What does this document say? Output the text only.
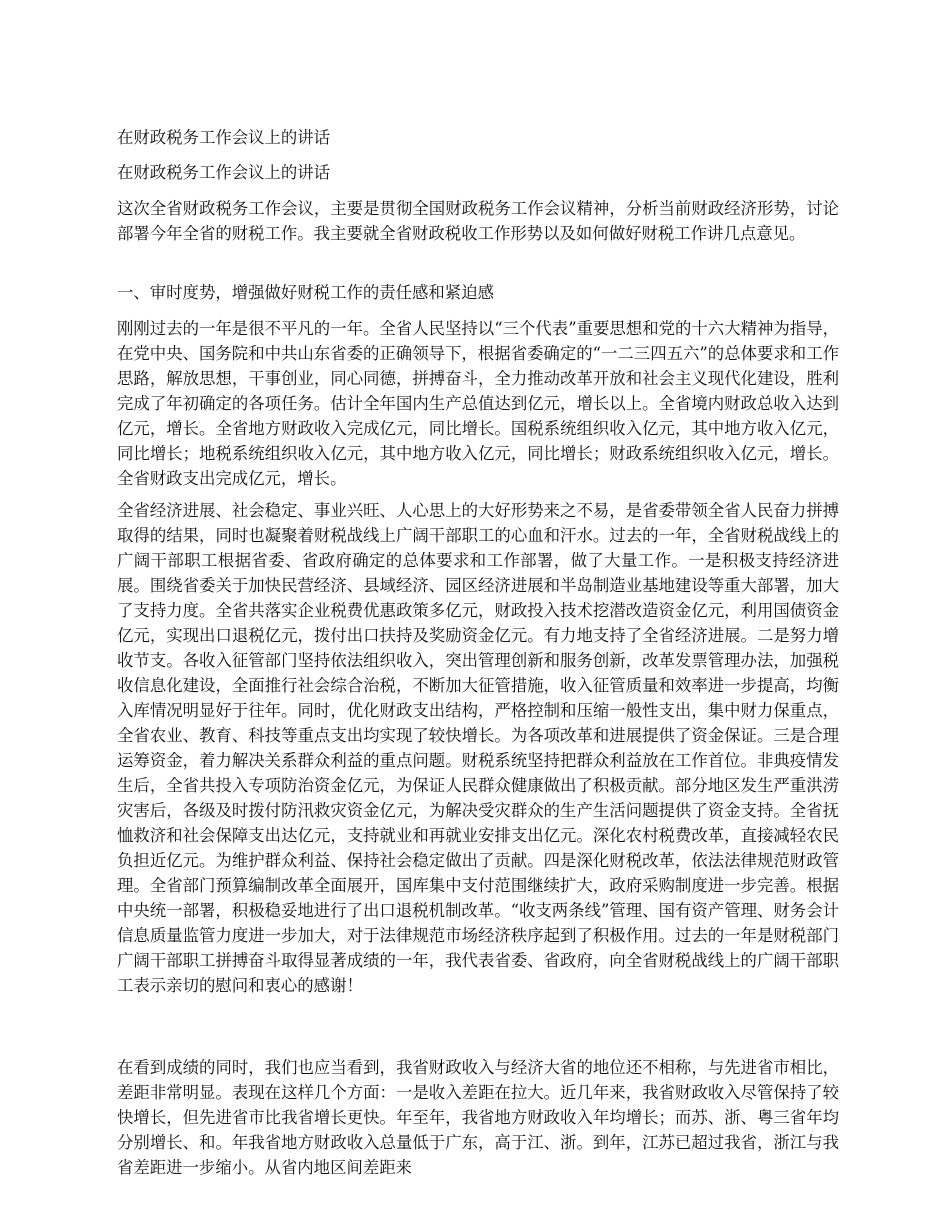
在财政税务工作会议上的讲话

在财政税务工作会议上的讲话

这次全省财政税务工作会议，主要是贯彻全国财政税务工作会议精神，分析当前财政经济形势，讨论部署今年全省的财税工作。我主要就全省财政税收工作形势以及如何做好财税工作讲几点意见。

一、审时度势，增强做好财税工作的责任感和紧迫感

刚刚过去的一年是很不平凡的一年。全省人民坚持以“三个代表”重要思想和党的十六大精神为指导，在党中央、国务院和中共山东省委的正确领导下，根据省委确定的“一二三四五六”的总体要求和工作思路，解放思想，干事创业，同心同德，拼搏奋斗，全力推动改革开放和社会主义现代化建设，胜利完成了年初确定的各项任务。估计全年国内生产总值达到亿元，增长以上。全省境内财政总收入达到亿元，增长。全省地方财政收入完成亿元，同比增长。国税系统组织收入亿元，其中地方收入亿元，同比增长；地税系统组织收入亿元，其中地方收入亿元，同比增长；财政系统组织收入亿元，增长。全省财政支出完成亿元，增长。

全省经济进展、社会稳定、事业兴旺、人心思上的大好形势来之不易，是省委带领全省人民奋力拼搏取得的结果，同时也凝聚着财税战线上广阔干部职工的心血和汗水。过去的一年，全省财税战线上的广阔干部职工根据省委、省政府确定的总体要求和工作部署，做了大量工作。一是积极支持经济进展。围绕省委关于加快民营经济、县域经济、园区经济进展和半岛制造业基地建设等重大部署，加大了支持力度。全省共落实企业税费优惠政策多亿元，财政投入技术挖潜改造资金亿元，利用国债资金亿元，实现出口退税亿元，拨付出口扶持及奖励资金亿元。有力地支持了全省经济进展。二是努力增收节支。各收入征管部门坚持依法组织收入，突出管理创新和服务创新，改革发票管理办法，加强税收信息化建设，全面推行社会综合治税，不断加大征管措施，收入征管质量和效率进一步提高，均衡入库情况明显好于往年。同时，优化财政支出结构，严格控制和压缩一般性支出，集中财力保重点，全省农业、教育、科技等重点支出均实现了较快增长。为各项改革和进展提供了资金保证。三是合理运筹资金，着力解决关系群众利益的重点问题。财税系统坚持把群众利益放在工作首位。非典疫情发生后，全省共投入专项防治资金亿元，为保证人民群众健康做出了积极贡献。部分地区发生严重洪涝灾害后，各级及时拨付防汛救灾资金亿元，为解决受灾群众的生产生活问题提供了资金支持。全省抚恤救济和社会保障支出达亿元，支持就业和再就业安排支出亿元。深化农村税费改革，直接减轻农民负担近亿元。为维护群众利益、保持社会稳定做出了贡献。四是深化财税改革，依法法律规范财政管理。全省部门预算编制改革全面展开，国库集中支付范围继续扩大，政府采购制度进一步完善。根据中央统一部署，积极稳妥地进行了出口退税机制改革。“收支两条线”管理、国有资产管理、财务会计信息质量监管力度进一步加大，对于法律规范市场经济秩序起到了积极作用。过去的一年是财税部门广阔干部职工拼搏奋斗取得显著成绩的一年，我代表省委、省政府，向全省财税战线上的广阔干部职工表示亲切的慰问和衷心的感谢！

在看到成绩的同时，我们也应当看到，我省财政收入与经济大省的地位还不相称，与先进省市相比，差距非常明显。表现在这样几个方面：一是收入差距在拉大。近几年来，我省财政收入尽管保持了较快增长，但先进省市比我省增长更快。年至年，我省地方财政收入年均增长；而苏、浙、粤三省年均分别增长、和。年我省地方财政收入总量低于广东，高于江、浙。到年，江苏已超过我省，浙江与我省差距进一步缩小。从省内地区间差距来
